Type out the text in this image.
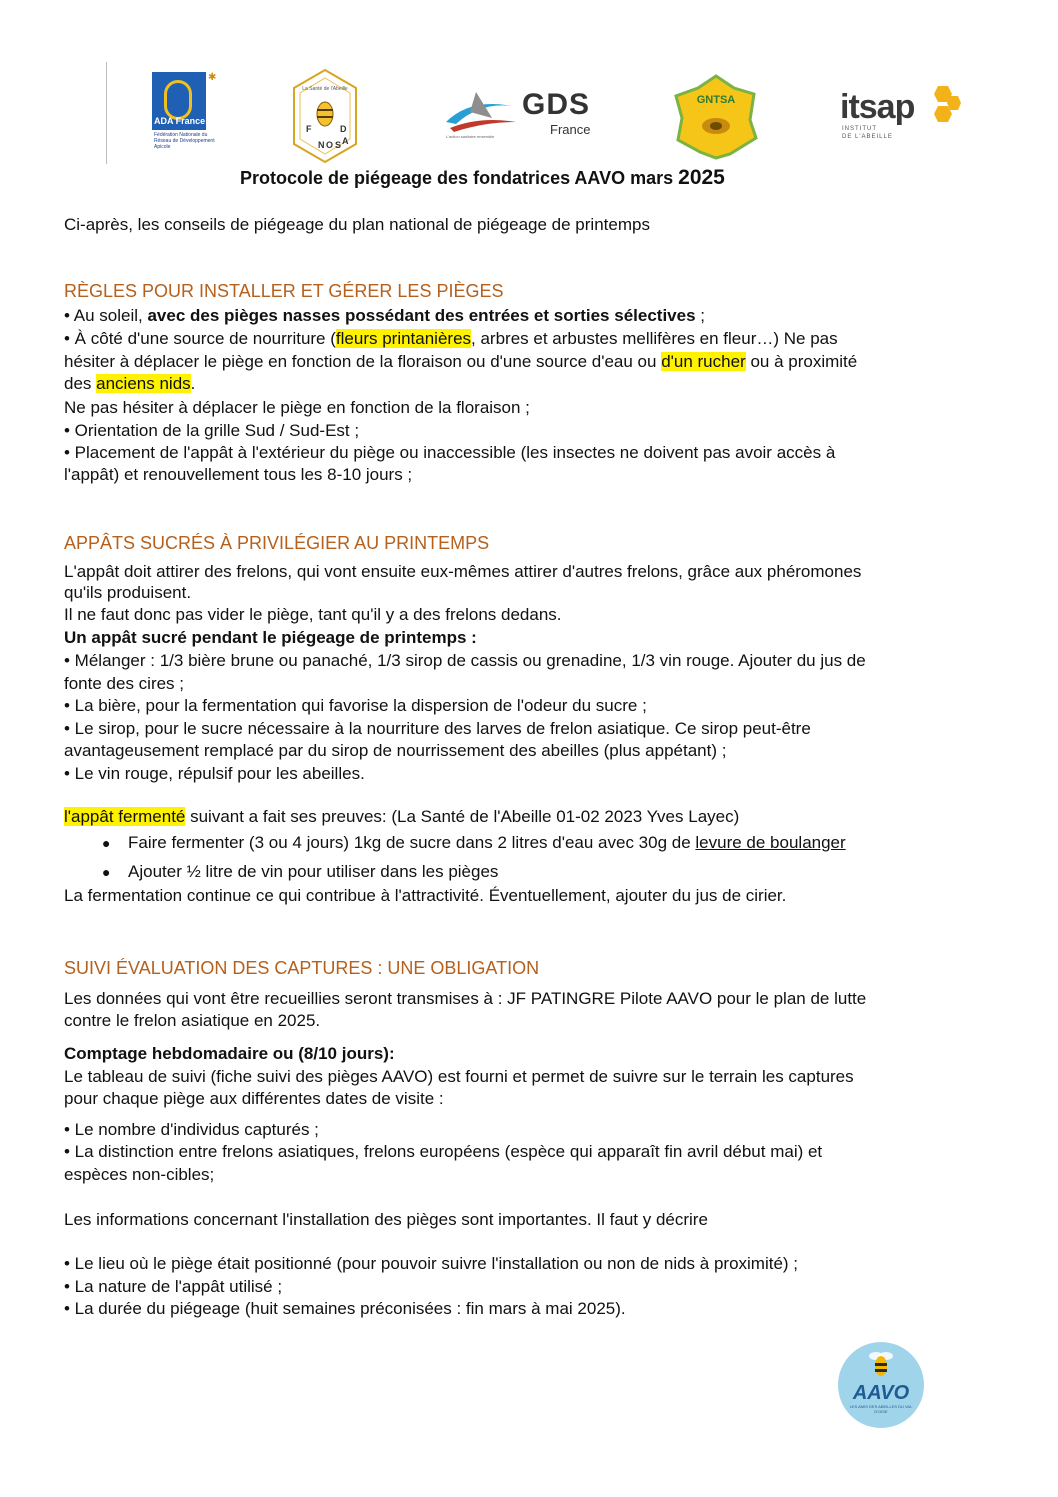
ADA France
Fédération Nationale du Réseau de Développement Apicole
✱
La Santé de l'Abeille
F
N O S A
D
GDS
France
L'action sanitaire ensemble
GNTSA	itsap
INSTITUT
DE L'ABEILLE
Protocole de piégeage des fondatrices AAVO mars 2025
Ci-après, les conseils de piégeage du plan national de piégeage de printemps
RÈGLES POUR INSTALLER ET GÉRER LES PIÈGES
• Au soleil, avec des pièges nasses possédant des entrées et sorties sélectives ;
• À côté d'une source de nourriture (fleurs printanières, arbres et arbustes mellifères en fleur…) Ne pas
hésiter à déplacer le piège en fonction de la floraison ou d'une source d'eau ou d'un rucher ou à proximité
des anciens nids.
Ne pas hésiter à déplacer le piège en fonction de la floraison ;
• Orientation de la grille Sud / Sud-Est ;
• Placement de l'appât à l'extérieur du piège ou inaccessible (les insectes ne doivent pas avoir accès à
l'appât) et renouvellement tous les 8-10 jours ;
APPÂTS SUCRÉS À PRIVILÉGIER AU PRINTEMPS
L'appât doit attirer des frelons, qui vont ensuite eux-mêmes attirer d'autres frelons, grâce aux phéromones
qu'ils produisent.
Il ne faut donc pas vider le piège, tant qu'il y a des frelons dedans.
Un appât sucré pendant le piégeage de printemps :
• Mélanger : 1/3 bière brune ou panaché, 1/3 sirop de cassis ou grenadine, 1/3 vin rouge. Ajouter du jus de
fonte des cires ;
• La bière, pour la fermentation qui favorise la dispersion de l'odeur du sucre ;
• Le sirop, pour le sucre nécessaire à la nourriture des larves de frelon asiatique. Ce sirop peut-être
avantageusement remplacé par du sirop de nourrissement des abeilles (plus appétant) ;
• Le vin rouge, répulsif pour les abeilles.
l'appât fermenté suivant a fait ses preuves: (La Santé de l'Abeille 01-02 2023 Yves Layec)
● Faire fermenter (3 ou 4 jours) 1kg de sucre dans 2 litres d'eau avec 30g de levure de boulanger
● Ajouter ½ litre de vin pour utiliser dans les pièges
La fermentation continue ce qui contribue à l'attractivité. Éventuellement, ajouter du jus de cirier.
SUIVI ÉVALUATION DES CAPTURES : UNE OBLIGATION
Les données qui vont être recueillies seront transmises à : JF PATINGRE Pilote AAVO pour le plan de lutte
contre le frelon asiatique en 2025.
Comptage hebdomadaire ou (8/10 jours):
Le tableau de suivi (fiche suivi des pièges AAVO) est fourni et permet de suivre sur le terrain les captures
pour chaque piège aux différentes dates de visite :
• Le nombre d'individus capturés ;
• La distinction entre frelons asiatiques, frelons européens (espèce qui apparaît fin avril début mai) et
espèces non-cibles;
Les informations concernant l'installation des pièges sont importantes. Il faut y décrire
• Le lieu où le piège était positionné (pour pouvoir suivre l'installation ou non de nids à proximité) ;
• La nature de l'appât utilisé ;
• La durée du piégeage (huit semaines préconisées : fin mars à mai 2025).
AAVO
LES AMIS DES ABEILLES DU VAL D'OISE
